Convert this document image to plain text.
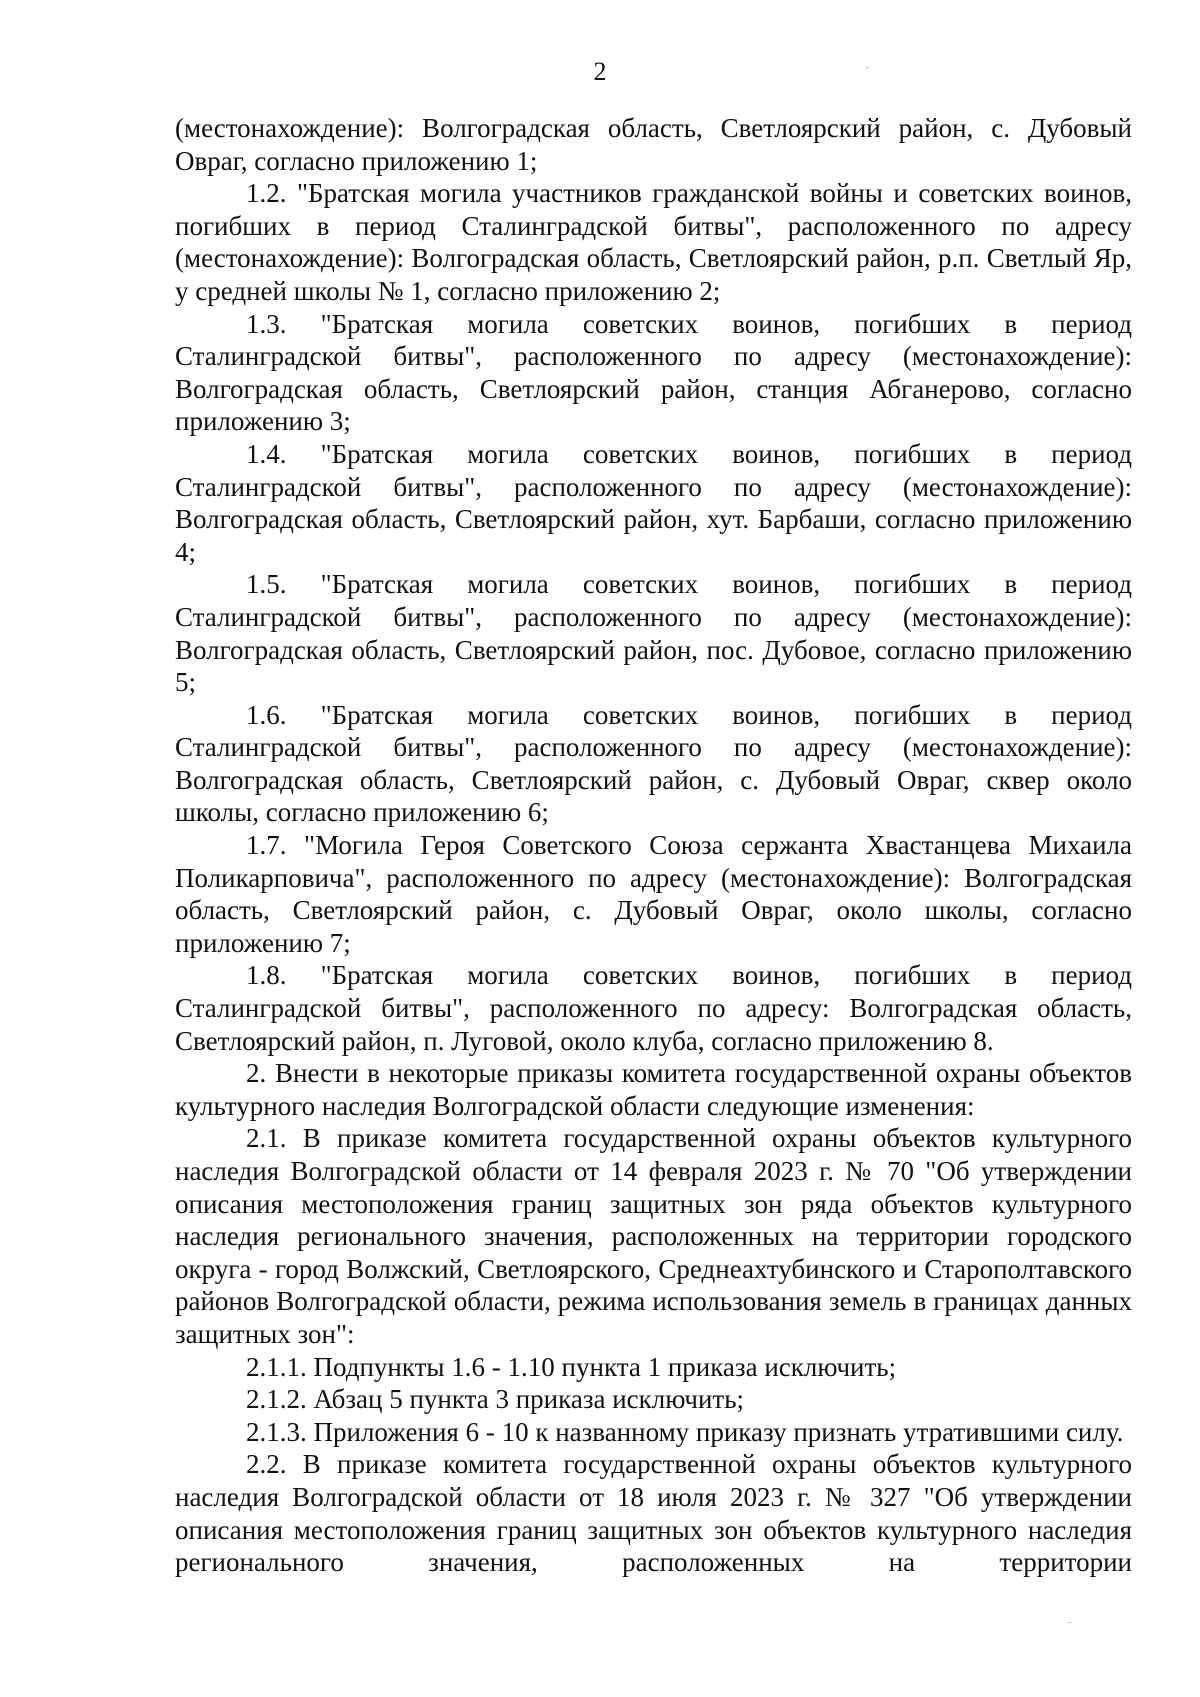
2

(местонахождение): Волгоградская область, Светлоярский район, с. Дубовый Овраг, согласно приложению 1;

1.2. "Братская могила участников гражданской войны и советских воинов, погибших в период Сталинградской битвы", расположенного по адресу (местонахождение): Волгоградская область, Светлоярский район, р.п. Светлый Яр, у средней школы № 1, согласно приложению 2;

1.3. "Братская могила советских воинов, погибших в период Сталинградской битвы", расположенного по адресу (местонахождение): Волгоградская область, Светлоярский район, станция Абганерово, согласно приложению 3;

1.4. "Братская могила советских воинов, погибших в период Сталинградской битвы", расположенного по адресу (местонахождение): Волгоградская область, Светлоярский район, хут. Барбаши, согласно приложению 4;

1.5. "Братская могила советских воинов, погибших в период Сталинградской битвы", расположенного по адресу (местонахождение): Волгоградская область, Светлоярский район, пос. Дубовое, согласно приложению 5;

1.6. "Братская могила советских воинов, погибших в период Сталинградской битвы", расположенного по адресу (местонахождение): Волгоградская область, Светлоярский район, с. Дубовый Овраг, сквер около школы, согласно приложению 6;

1.7. "Могила Героя Советского Союза сержанта Хвастанцева Михаила Поликарповича", расположенного по адресу (местонахождение): Волгоградская область, Светлоярский район, с. Дубовый Овраг, около школы, согласно приложению 7;

1.8. "Братская могила советских воинов, погибших в период Сталинградской битвы", расположенного по адресу: Волгоградская область, Светлоярский район, п. Луговой, около клуба, согласно приложению 8.

2. Внести в некоторые приказы комитета государственной охраны объектов культурного наследия Волгоградской области следующие изменения:

2.1. В приказе комитета государственной охраны объектов культурного наследия Волгоградской области от 14 февраля 2023 г. № 70 "Об утверждении описания местоположения границ защитных зон ряда объектов культурного наследия регионального значения, расположенных на территории городского округа - город Волжский, Светлоярского, Среднеахтубинского и Старополтавского районов Волгоградской области, режима использования земель в границах данных защитных зон":

2.1.1. Подпункты 1.6 - 1.10 пункта 1 приказа исключить;

2.1.2. Абзац 5 пункта 3 приказа исключить;

2.1.3. Приложения 6 - 10 к названному приказу признать утратившими силу.

2.2. В приказе комитета государственной охраны объектов культурного наследия Волгоградской области от 18 июля 2023 г. № 327 "Об утверждении описания местоположения границ защитных зон объектов культурного наследия регионального значения, расположенных на территории
